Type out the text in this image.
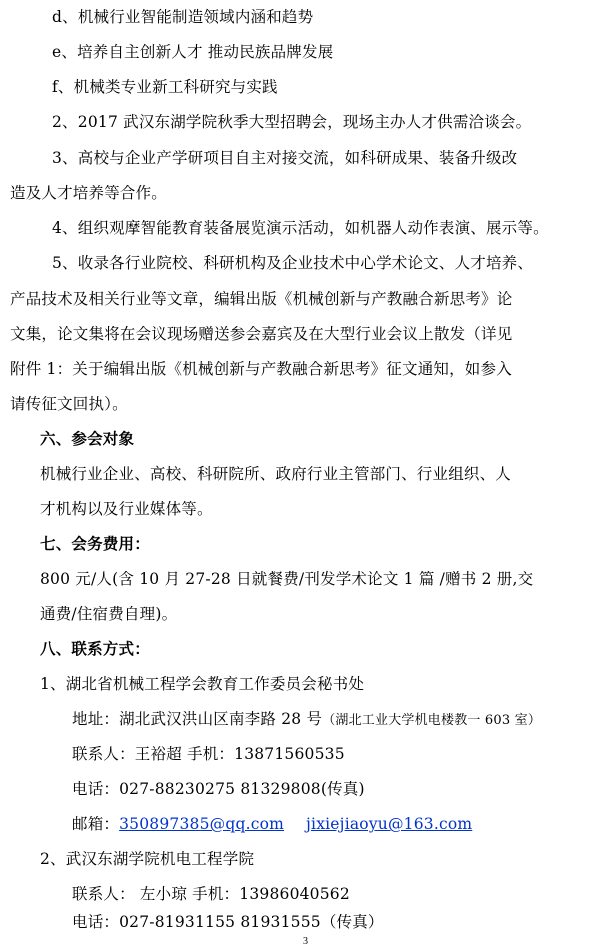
d、机械行业智能制造领域内涵和趋势
e、培养自主创新人才 推动民族品牌发展
f、机械类专业新工科研究与实践
2、2017 武汉东湖学院秋季大型招聘会，现场主办人才供需洽谈会。
3、高校与企业产学研项目自主对接交流，如科研成果、装备升级改
造及人才培养等合作。
4、组织观摩智能教育装备展览演示活动，如机器人动作表演、展示等。
5、收录各行业院校、科研机构及企业技术中心学术论文、人才培养、
产品技术及相关行业等文章，编辑出版《机械创新与产教融合新思考》论
文集，论文集将在会议现场赠送参会嘉宾及在大型行业会议上散发（详见
附件 1：关于编辑出版《机械创新与产教融合新思考》征文通知，如参入
请传征文回执）。
六、参会对象
机械行业企业、高校、科研院所、政府行业主管部门、行业组织、人
才机构以及行业媒体等。
七、会务费用：
800 元/人(含 10 月 27-28 日就餐费/刊发学术论文 1 篇 /赠书 2 册,交
通费/住宿费自理)。
八、联系方式：
1、湖北省机械工程学会教育工作委员会秘书处
地址：湖北武汉洪山区南李路 28 号（湖北工业大学机电楼教一 603 室）
联系人：王裕超 手机：13871560535
电话：027-88230275 81329808(传真)
邮箱：350897385@qq.com jixiejiaoyu@163.com
2、武汉东湖学院机电工程学院
联系人： 左小琼 手机：13986040562
电话：027-81931155 81931555（传真）
3
